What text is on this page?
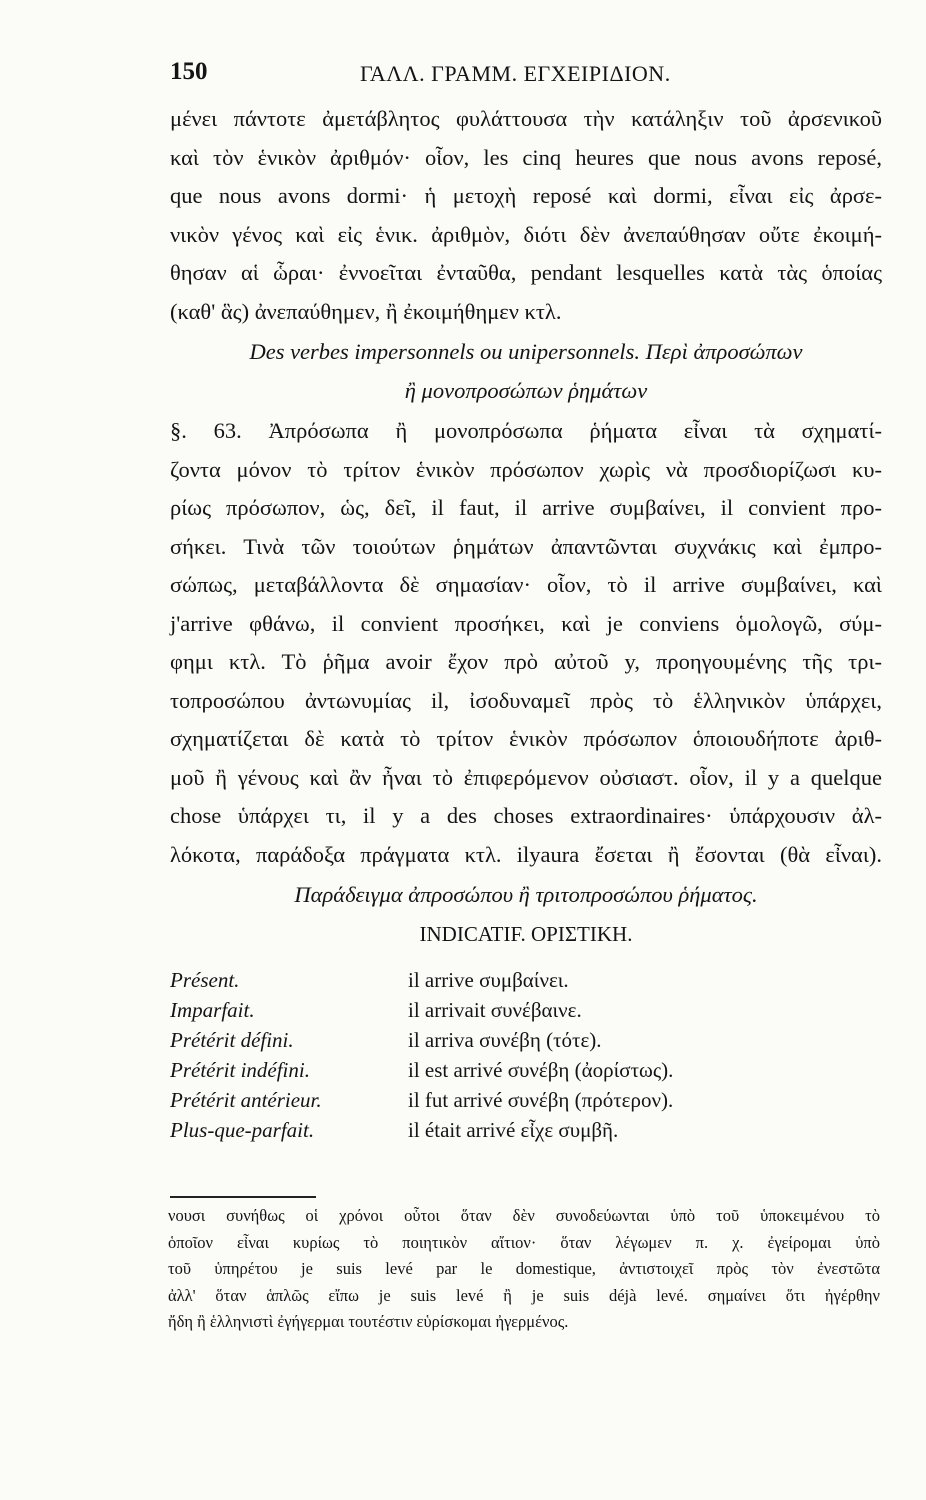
150	ΓΑΛΛ. ΓΡΑΜΜ. ΕΓΧΕΙΡΙΔΙΟΝ.
μένει πάντοτε ἀμετάβλητος φυλάττουσα τὴν κατάληξιν τοῦ ἀρσενικοῦ
καὶ τὸν ἑνικὸν ἀριθμόν· οἷον, les cinq heures que nous avons reposé,
que nous avons dormi· ἡ μετοχὴ reposé καὶ dormi, εἶναι εἰς ἀρσε-
νικὸν γένος καὶ εἰς ἑνικ. ἀριθμὸν, διότι δὲν ἀνεπαύθησαν οὔτε ἐκοιμή-
θησαν αἱ ὧραι· ἐννοεῖται ἐνταῦθα, pendant lesquelles κατὰ τὰς ὁποίας
(καθ' ἃς) ἀνεπαύθημεν, ἢ ἐκοιμήθημεν κτλ.
Des verbes impersonnels ou unipersonnels. Περὶ ἀπροσώπων
ἢ μονοπροσώπων ῥημάτων
§. 63. Ἀπρόσωπα ἢ μονοπρόσωπα ῥήματα εἶναι τὰ σχηματί-
ζοντα μόνον τὸ τρίτον ἑνικὸν πρόσωπον χωρὶς νὰ προσδιορίζωσι κυ-
ρίως πρόσωπον, ὡς, δεῖ, il faut, il arrive συμβαίνει, il convient προ-
σήκει. Τινὰ τῶν τοιούτων ῥημάτων ἀπαντῶνται συχνάκις καὶ ἐμπρο-
σώπως, μεταβάλλοντα δὲ σημασίαν· οἷον, τὸ il arrive συμβαίνει, καὶ
j'arrive φθάνω, il convient προσήκει, καὶ je conviens ὁμολογῶ, σύμ-
φημι κτλ. Τὸ ῥῆμα avoir ἔχον πρὸ αὐτοῦ y, προηγουμένης τῆς τρι-
τοπροσώπου ἀντωνυμίας il, ἰσοδυναμεῖ πρὸς τὸ ἑλληνικὸν ὑπάρχει,
σχηματίζεται δὲ κατὰ τὸ τρίτον ἑνικὸν πρόσωπον ὁποιουδήποτε ἀριθ-
μοῦ ἢ γένους καὶ ἂν ἦναι τὸ ἐπιφερόμενον οὐσιαστ. οἷον, il y a quelque
chose ὑπάρχει τι, il y a des choses extraordinaires· ὑπάρχουσιν ἀλ-
λόκοτα, παράδοξα πράγματα κτλ. ilyaura ἔσεται ἢ ἔσονται (θὰ εἶναι).
Παράδειγμα ἀπροσώπου ἢ τριτοπροσώπου ῥήματος.
INDICATIF. ΟΡΙΣΤΙΚΗ.
Présent.	il arrive συμβαίνει.
Imparfait.	il arrivait συνέβαινε.
Prétérit défini.	il arriva συνέβη (τότε).
Prétérit indéfini.	il est arrivé συνέβη (ἀορίστως).
Prétérit antérieur.	il fut arrivé συνέβη (πρότερον).
Plus-que-parfait.	il était arrivé εἶχε συμβῆ.
νουσι συνήθως οἱ χρόνοι οὗτοι ὅταν δὲν συνοδεύωνται ὑπὸ τοῦ ὑποκειμένου τὸ
ὁποῖον εἶναι κυρίως τὸ ποιητικὸν αἴτιον· ὅταν λέγωμεν π. χ. ἐγείρομαι ὑπὸ
τοῦ ὑπηρέτου je suis levé par le domestique, ἀντιστοιχεῖ πρὸς τὸν ἐνεστῶτα
ἀλλ' ὅταν ἁπλῶς εἴπω je suis levé ἢ je suis déjà levé. σημαίνει ὅτι ἠγέρθην
ἤδη ἢ ἑλληνιστὶ ἐγήγερμαι τουτέστιν εὑρίσκομαι ἠγερμένος.
